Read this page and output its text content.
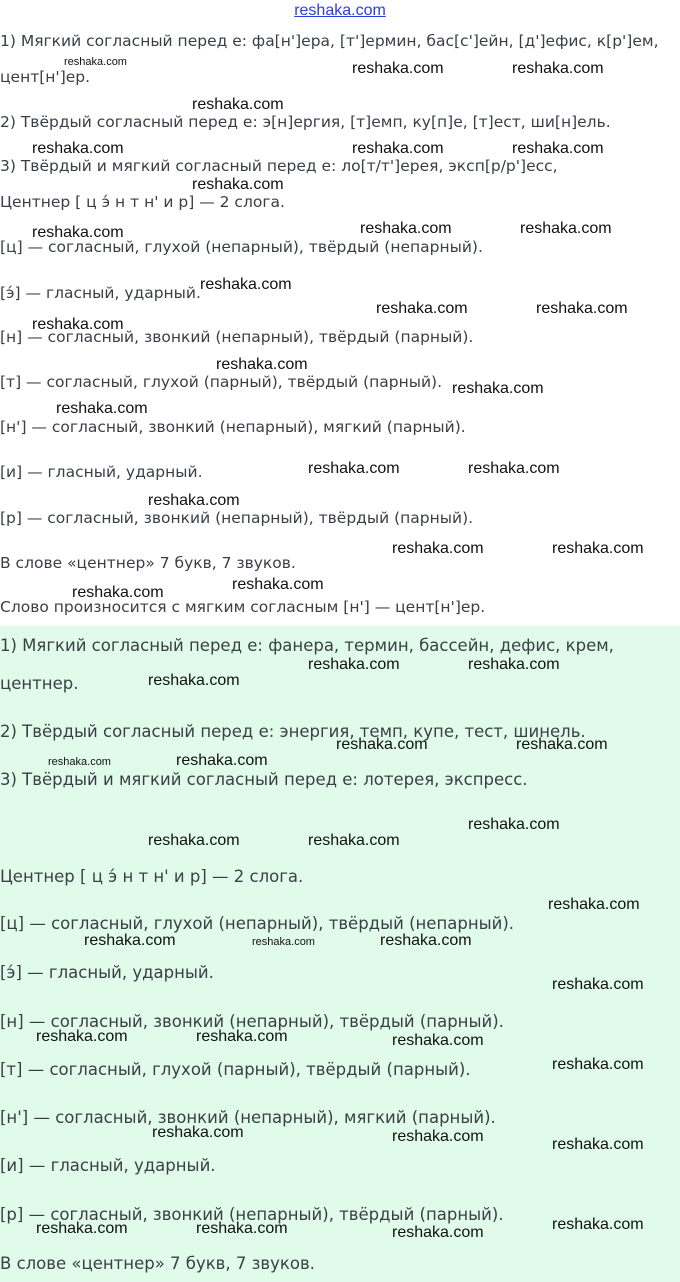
1) Мягкий согласный перед е: фа[н']ера, [т']ермин, бас[с']ейн, [д']ефис, к[р']ем,
цент[н']ер.
2) Твёрдый согласный перед е: э[н]ергия, [т]емп, ку[п]е, [т]ест, ши[н]ель.
3) Твёрдый и мягкий согласный перед е: ло[т/т']ерея, эксп[р/р']есс,
Центнер [ ц э́ н т н' и р] — 2 слога.
[ц] — согласный, глухой (непарный), твёрдый (непарный).
[э́] — гласный, ударный.
[н] — согласный, звонкий (непарный), твёрдый (парный).
[т] — согласный, глухой (парный), твёрдый (парный).
[н'] — согласный, звонкий (непарный), мягкий (парный).
[и] — гласный, ударный.
[р] — согласный, звонкий (непарный), твёрдый (парный).
В слове «центнер» 7 букв, 7 звуков.
Слово произносится с мягким согласным [н'] — цент[н']ер.
1) Мягкий согласный перед е: фанера, термин, бассейн, дефис, крем,
центнер.
2) Твёрдый согласный перед е: энергия, темп, купе, тест, шинель.
3) Твёрдый и мягкий согласный перед е: лотерея, экспресс.
Центнер [ ц э́ н т н' и р] — 2 слога.
[ц] — согласный, глухой (непарный), твёрдый (непарный).
[э́] — гласный, ударный.
[н] — согласный, звонкий (непарный), твёрдый (парный).
[т] — согласный, глухой (парный), твёрдый (парный).
[н'] — согласный, звонкий (непарный), мягкий (парный).
[и] — гласный, ударный.
[р] — согласный, звонкий (непарный), твёрдый (парный).
В слове «центнер» 7 букв, 7 звуков.
reshaka.com
reshaka.com	reshaka.com	reshaka.com
reshaka.com
reshaka.com	reshaka.com	reshaka.com
reshaka.com
reshaka.com	reshaka.com	reshaka.com
reshaka.com
reshaka.com	reshaka.com
reshaka.com
reshaka.com
reshaka.com
reshaka.com
reshaka.com	reshaka.com
reshaka.com
reshaka.com	reshaka.com
reshaka.com
reshaka.com
reshaka.com	reshaka.com
reshaka.com
reshaka.com	reshaka.com
reshaka.com	reshaka.com
reshaka.com
reshaka.com	reshaka.com
reshaka.com
reshaka.com	reshaka.com	reshaka.com
reshaka.com
reshaka.com	reshaka.com	reshaka.com
reshaka.com
reshaka.com	reshaka.com	reshaka.com
reshaka.com
reshaka.com	reshaka.com	reshaka.com
